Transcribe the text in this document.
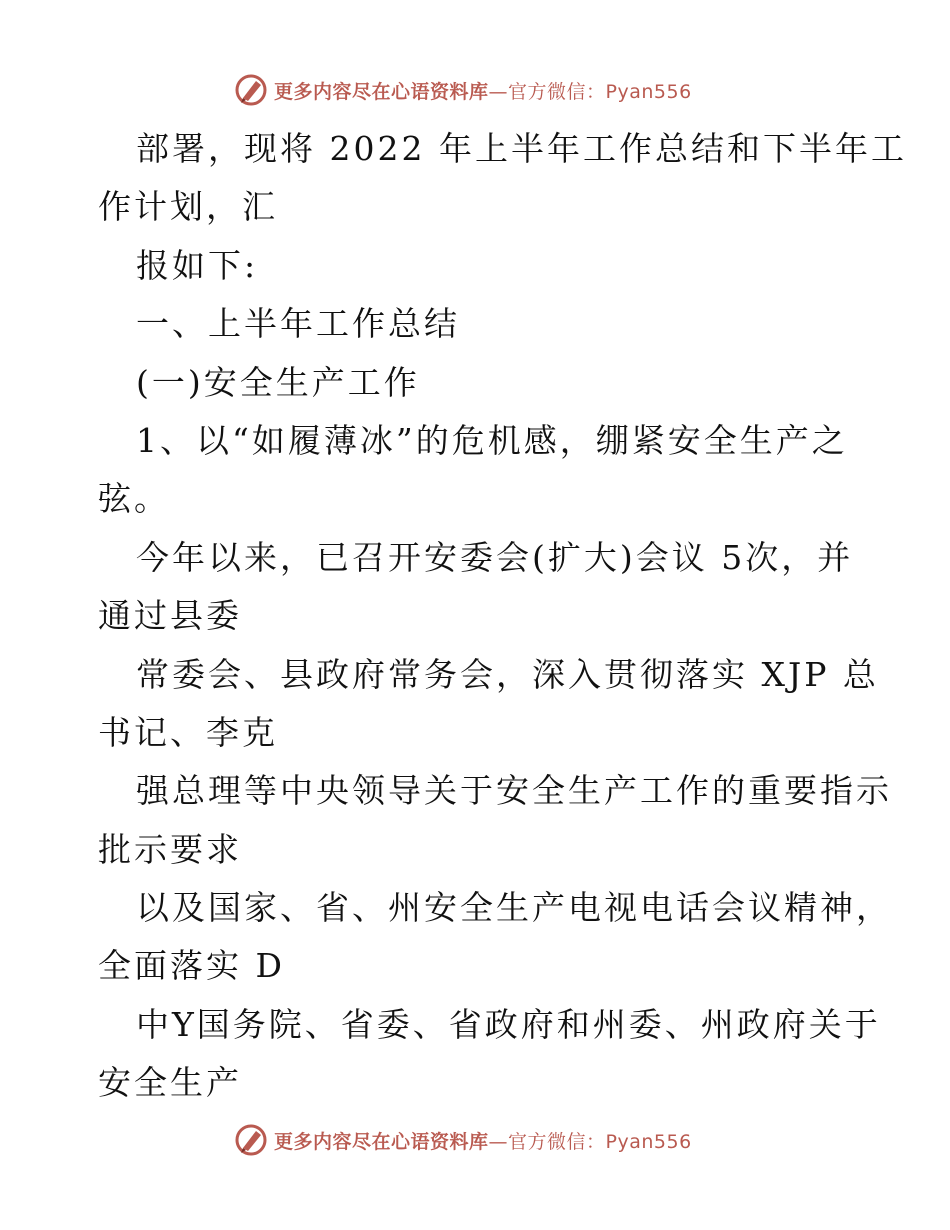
更多内容尽在心语资料库—官方微信：Pyan556
部署，现将 2022 年上半年工作总结和下半年工
作计划，汇
报如下:
一、上半年工作总结
(一)安全生产工作
1、以“如履薄冰”的危机感，绷紧安全生产之
弦。
今年以来，已召开安委会(扩大)会议 5次，并
通过县委
常委会、县政府常务会，深入贯彻落实 XJP 总
书记、李克
强总理等中央领导关于安全生产工作的重要指示
批示要求
以及国家、省、州安全生产电视电话会议精神，
全面落实 D
中Y国务院、省委、省政府和州委、州政府关于
安全生产
更多内容尽在心语资料库—官方微信：Pyan556
